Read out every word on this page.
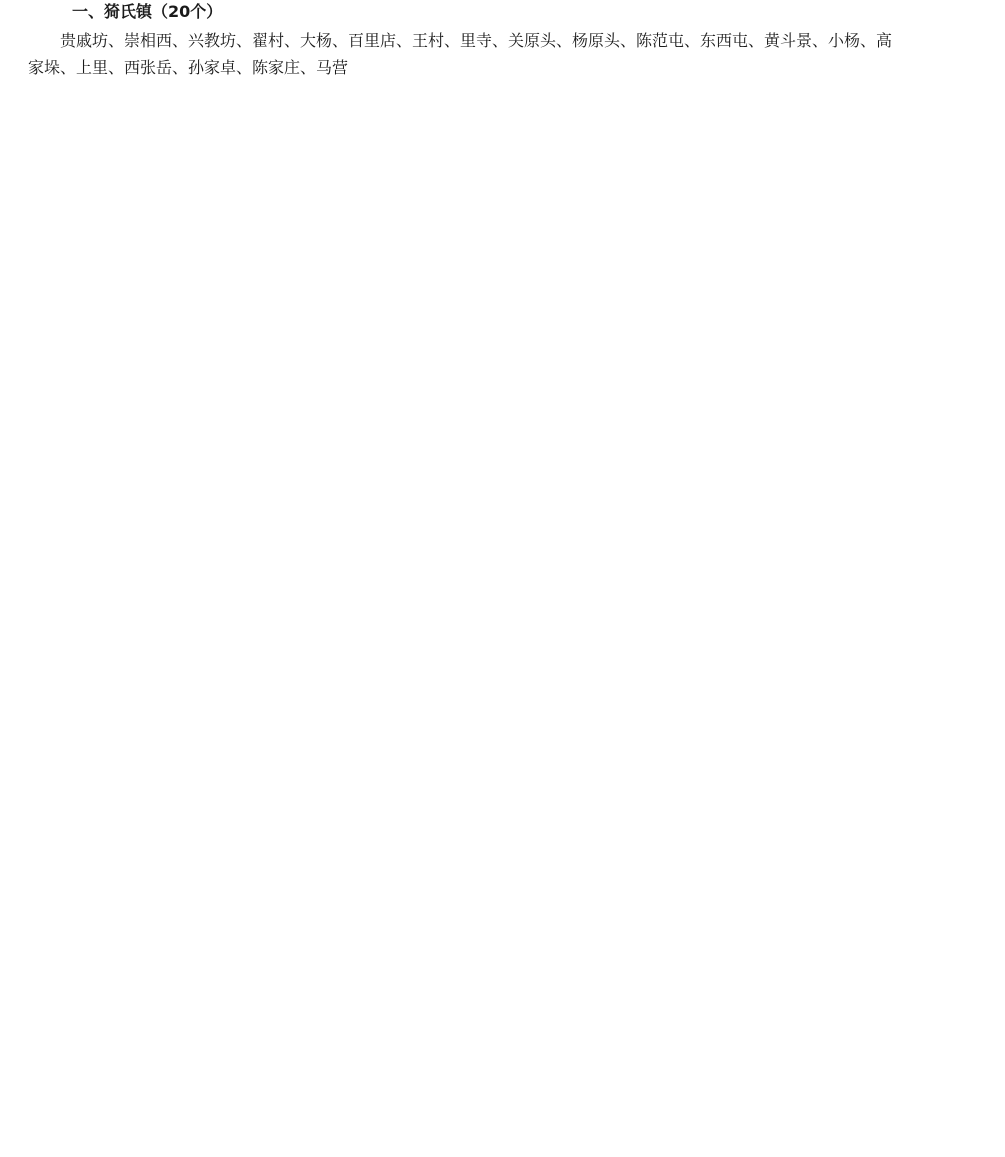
一、猗氏镇（20个）

贵戚坊、崇相西、兴教坊、翟村、大杨、百里店、王村、里寺、关原头、杨原头、陈范屯、东西屯、黄斗景、小杨、高家垛、上里、西张岳、孙家卓、陈家庄、马营
